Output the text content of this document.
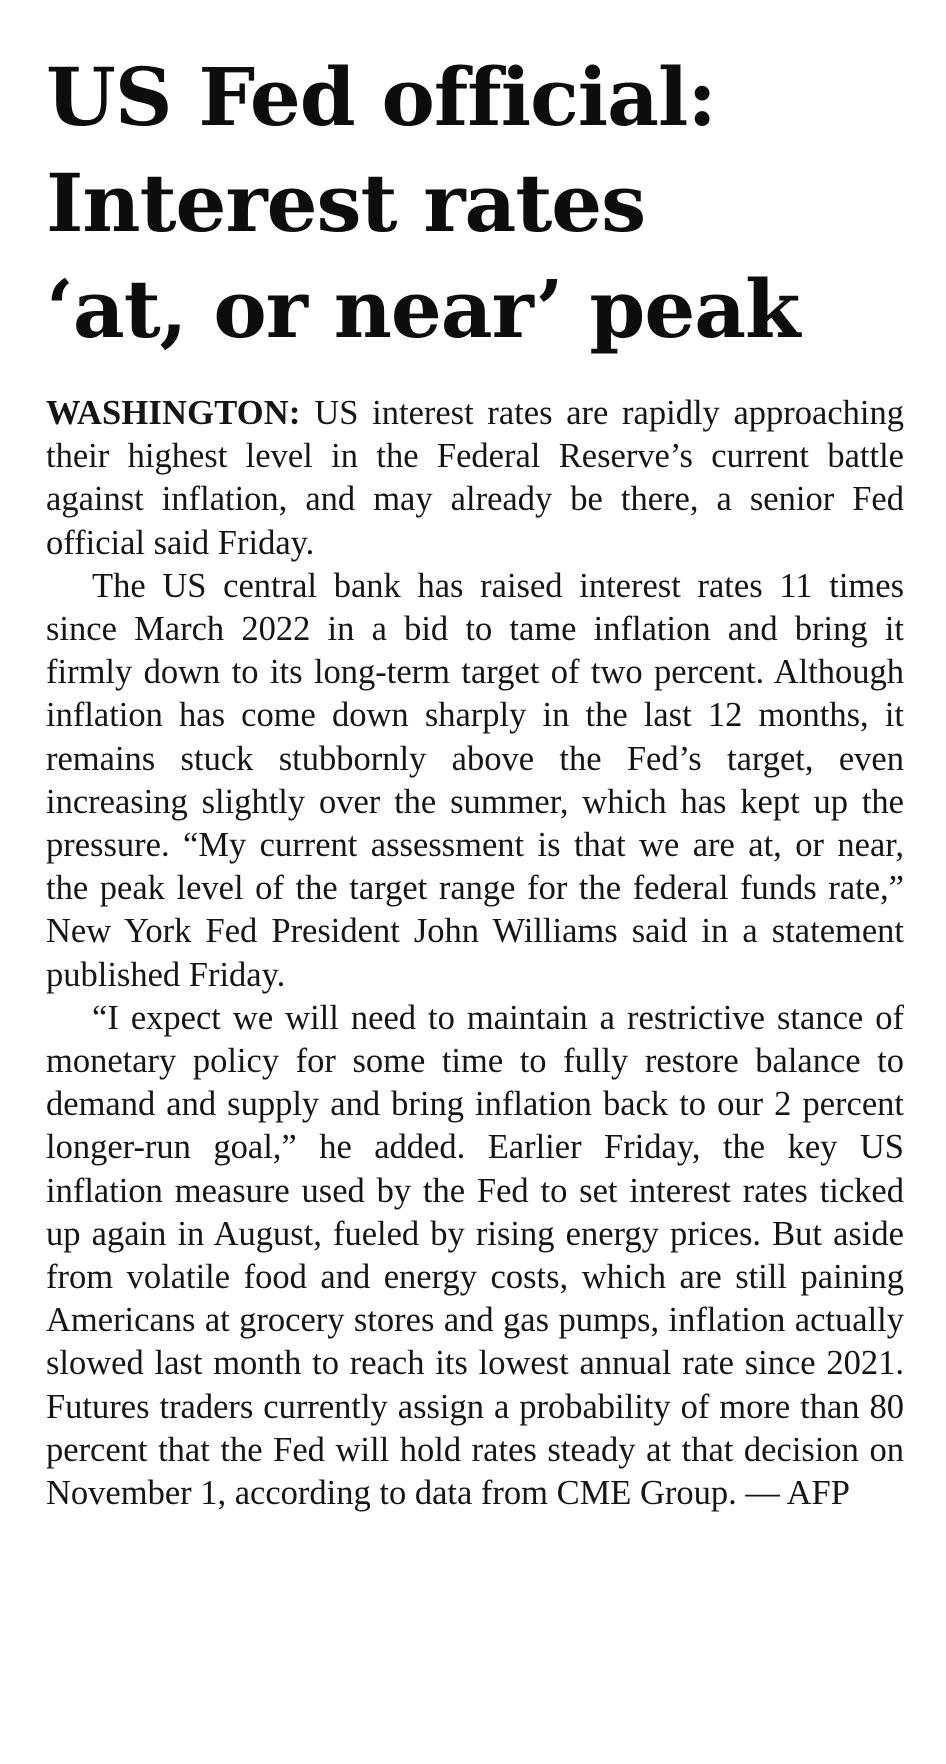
US Fed official:
Interest rates
‘at, or near’ peak

WASHINGTON: US interest rates are rapidly approaching their highest level in the Federal Reserve’s current battle against inflation, and may already be there, a senior Fed official said Friday.

The US central bank has raised interest rates 11 times since March 2022 in a bid to tame inflation and bring it firmly down to its long-term target of two percent. Although inflation has come down sharply in the last 12 months, it remains stuck stubbornly above the Fed’s target, even increasing slightly over the summer, which has kept up the pressure. “My current assessment is that we are at, or near, the peak level of the target range for the federal funds rate,” New York Fed President John Williams said in a statement published Friday.

“I expect we will need to maintain a restrictive stance of monetary policy for some time to fully restore balance to demand and supply and bring inflation back to our 2 percent longer-run goal,” he added. Earlier Friday, the key US inflation measure used by the Fed to set interest rates ticked up again in August, fueled by rising energy prices. But aside from volatile food and energy costs, which are still paining Americans at grocery stores and gas pumps, inflation actually slowed last month to reach its lowest annual rate since 2021. Futures traders currently assign a probability of more than 80 percent that the Fed will hold rates steady at that decision on November 1, according to data from CME Group. — AFP
